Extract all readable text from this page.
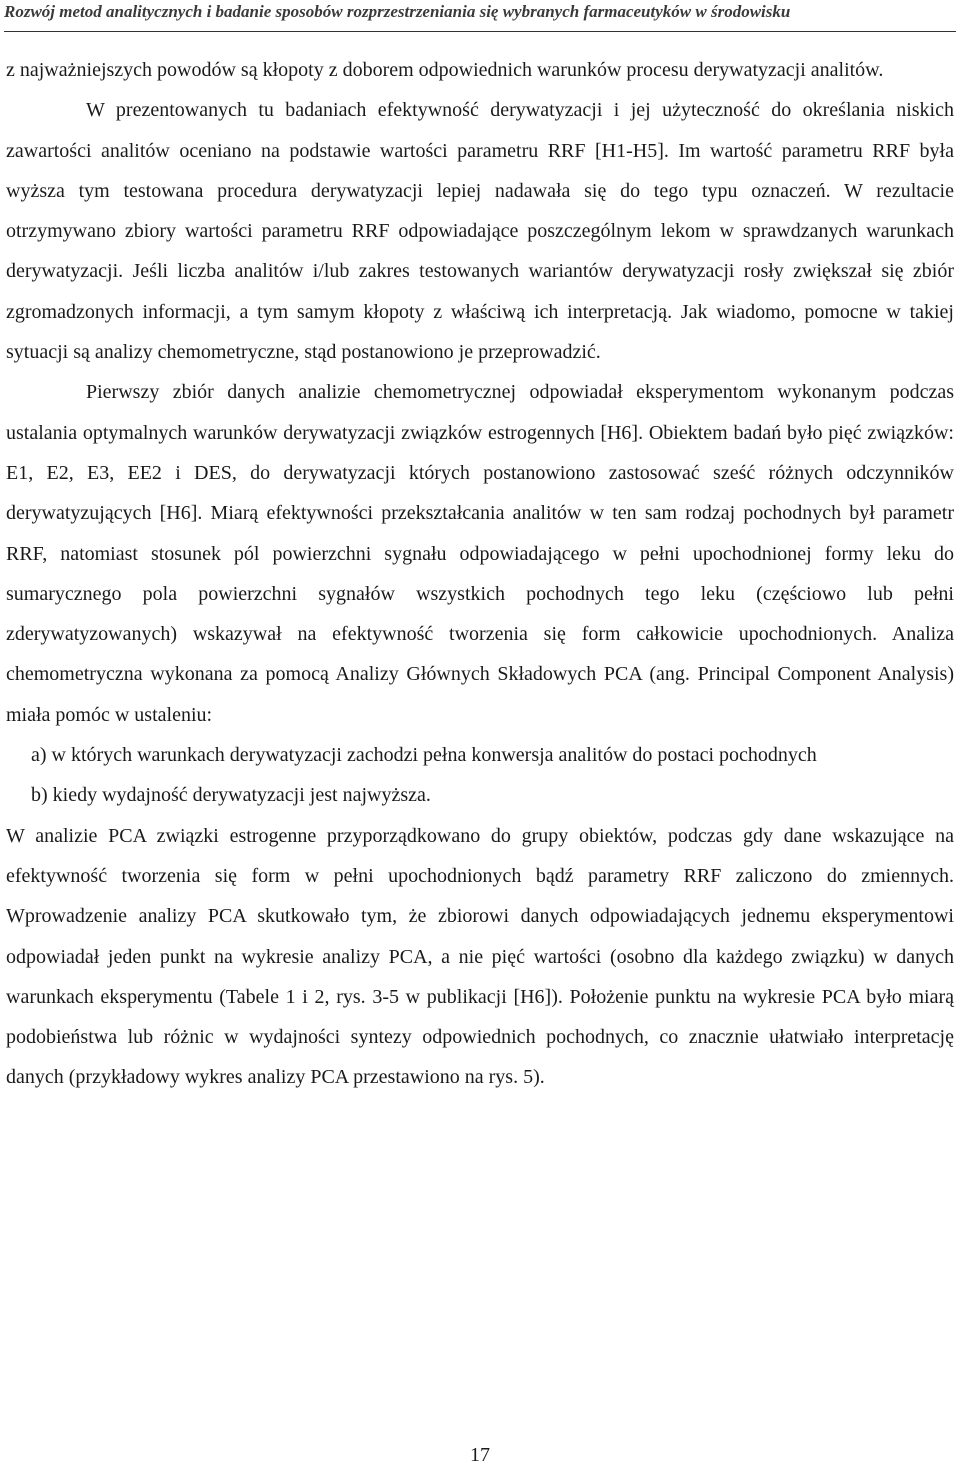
Rozwój metod analitycznych i badanie sposobów rozprzestrzeniania się wybranych farmaceutyków w środowisku

z najważniejszych powodów są kłopoty z doborem odpowiednich warunków procesu derywatyzacji analitów.

W prezentowanych tu badaniach efektywność derywatyzacji i jej użyteczność do określania niskich zawartości analitów oceniano na podstawie wartości parametru RRF [H1-H5]. Im wartość parametru RRF była wyższa tym testowana procedura derywatyzacji lepiej nadawała się do tego typu oznaczeń. W rezultacie otrzymywano zbiory wartości parametru RRF odpowiadające poszczególnym lekom w sprawdzanych warunkach derywatyzacji. Jeśli liczba analitów i/lub zakres testowanych wariantów derywatyzacji rosły zwiększał się zbiór zgromadzonych informacji, a tym samym kłopoty z właściwą ich interpretacją. Jak wiadomo, pomocne w takiej sytuacji są analizy chemometryczne, stąd postanowiono je przeprowadzić.

Pierwszy zbiór danych analizie chemometrycznej odpowiadał eksperymentom wykonanym podczas ustalania optymalnych warunków derywatyzacji związków estrogennych [H6]. Obiektem badań było pięć związków: E1, E2, E3, EE2 i DES, do derywatyzacji których postanowiono zastosować sześć różnych odczynników derywatyzujących [H6]. Miarą efektywności przekształcania analitów w ten sam rodzaj pochodnych był parametr RRF, natomiast stosunek pól powierzchni sygnału odpowiadającego w pełni upochodnionej formy leku do sumarycznego pola powierzchni sygnałów wszystkich pochodnych tego leku (częściowo lub pełni zderywatyzowanych) wskazywał na efektywność tworzenia się form całkowicie upochodnionych. Analiza chemometryczna wykonana za pomocą Analizy Głównych Składowych PCA (ang. Principal Component Analysis) miała pomóc w ustaleniu:

a) w których warunkach derywatyzacji zachodzi pełna konwersja analitów do postaci pochodnych

b) kiedy wydajność derywatyzacji jest najwyższa.

W analizie PCA związki estrogenne przyporządkowano do grupy obiektów, podczas gdy dane wskazujące na efektywność tworzenia się form w pełni upochodnionych bądź parametry RRF zaliczono do zmiennych. Wprowadzenie analizy PCA skutkowało tym, że zbiorowi danych odpowiadających jednemu eksperymentowi odpowiadał jeden punkt na wykresie analizy PCA, a nie pięć wartości (osobno dla każdego związku) w danych warunkach eksperymentu (Tabele 1 i 2, rys. 3-5 w publikacji [H6]). Położenie punktu na wykresie PCA było miarą podobieństwa lub różnic w wydajności syntezy odpowiednich pochodnych, co znacznie ułatwiało interpretację danych (przykładowy wykres analizy PCA przestawiono na rys. 5).

17
